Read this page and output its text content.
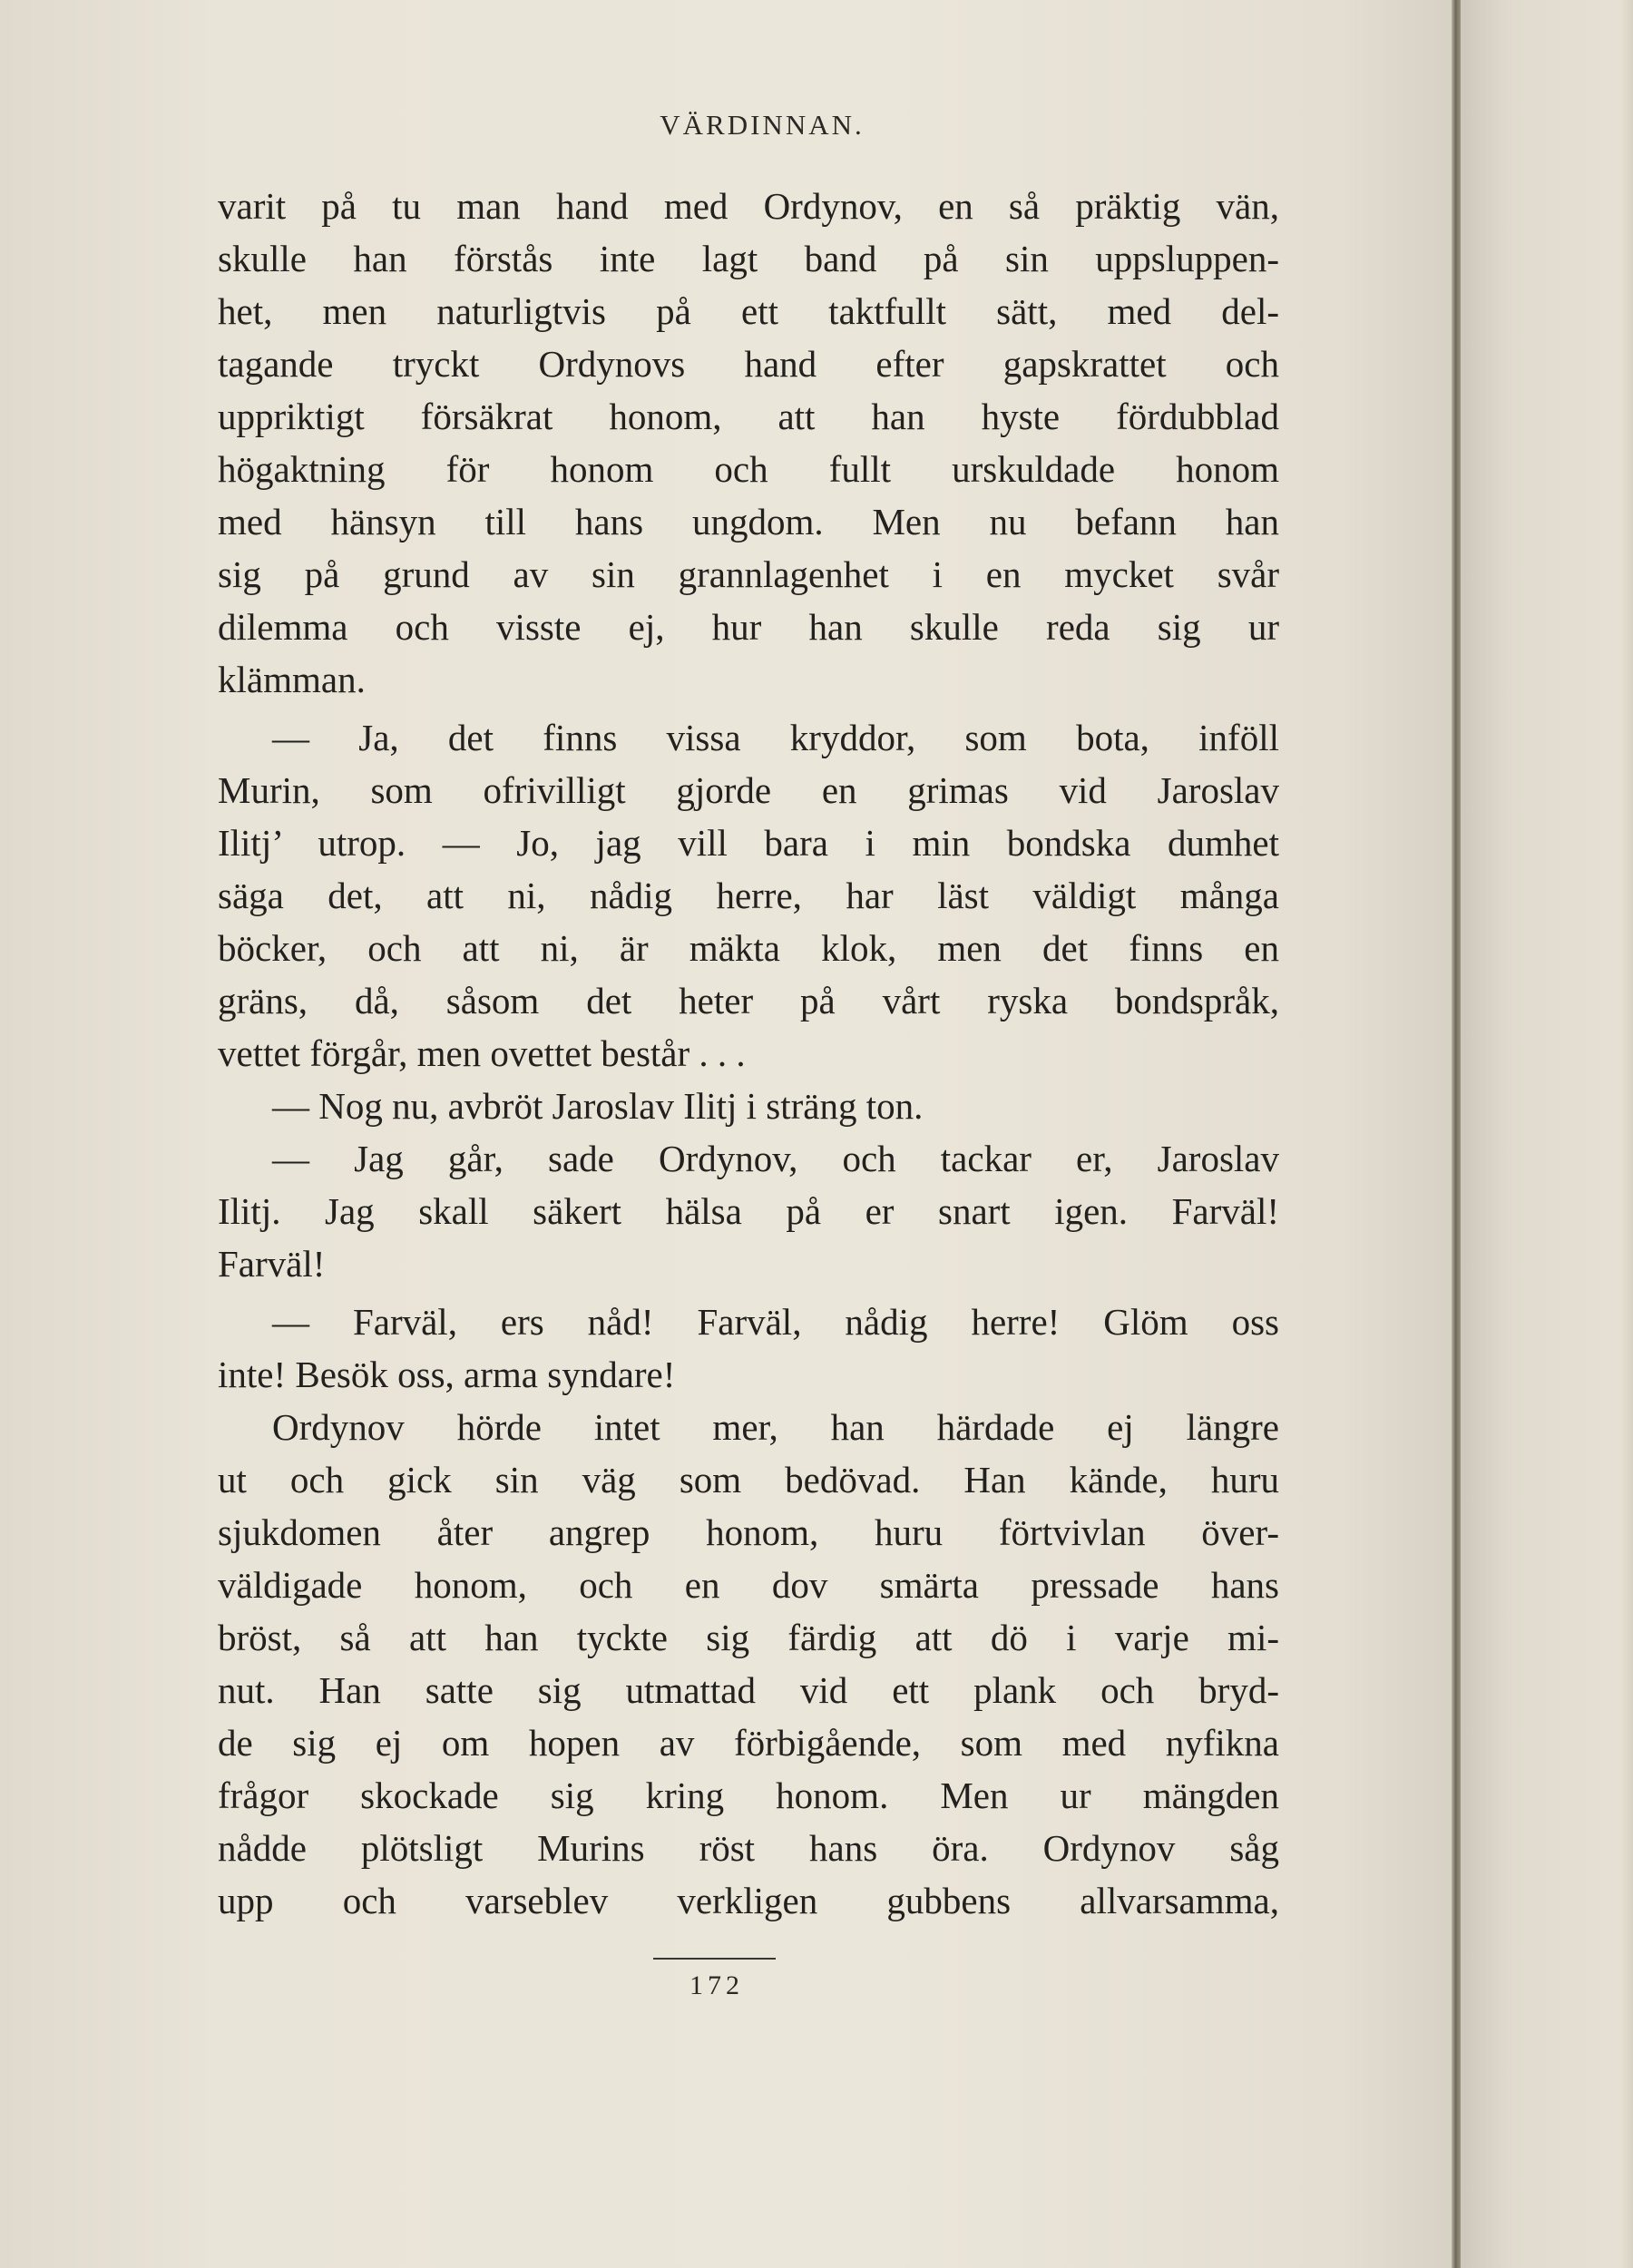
VÄRDINNAN.
varit på tu man hand med Ordynov, en så präktig vän,
skulle han förstås inte lagt band på sin uppsluppen-
het, men naturligtvis på ett taktfullt sätt, med del-
tagande tryckt Ordynovs hand efter gapskrattet och
uppriktigt försäkrat honom, att han hyste fördubblad
högaktning för honom och fullt urskuldade honom
med hänsyn till hans ungdom. Men nu befann han
sig på grund av sin grannlagenhet i en mycket svår
dilemma och visste ej, hur han skulle reda sig ur
klämman.
— Ja, det finns vissa kryddor, som bota, inföll
Murin, som ofrivilligt gjorde en grimas vid Jaroslav
Ilitj’ utrop. — Jo, jag vill bara i min bondska dumhet
säga det, att ni, nådig herre, har läst väldigt många
böcker, och att ni, är mäkta klok, men det finns en
gräns, då, såsom det heter på vårt ryska bondspråk,
vettet förgår, men ovettet består . . .
— Nog nu, avbröt Jaroslav Ilitj i sträng ton.
— Jag går, sade Ordynov, och tackar er, Jaroslav
Ilitj. Jag skall säkert hälsa på er snart igen. Farväl!
Farväl!
— Farväl, ers nåd! Farväl, nådig herre! Glöm oss
inte! Besök oss, arma syndare!
Ordynov hörde intet mer, han härdade ej längre
ut och gick sin väg som bedövad. Han kände, huru
sjukdomen åter angrep honom, huru förtvivlan över-
väldigade honom, och en dov smärta pressade hans
bröst, så att han tyckte sig färdig att dö i varje mi-
nut. Han satte sig utmattad vid ett plank och bryd-
de sig ej om hopen av förbigående, som med nyfikna
frågor skockade sig kring honom. Men ur mängden
nådde plötsligt Murins röst hans öra. Ordynov såg
upp och varseblev verkligen gubbens allvarsamma,
172
